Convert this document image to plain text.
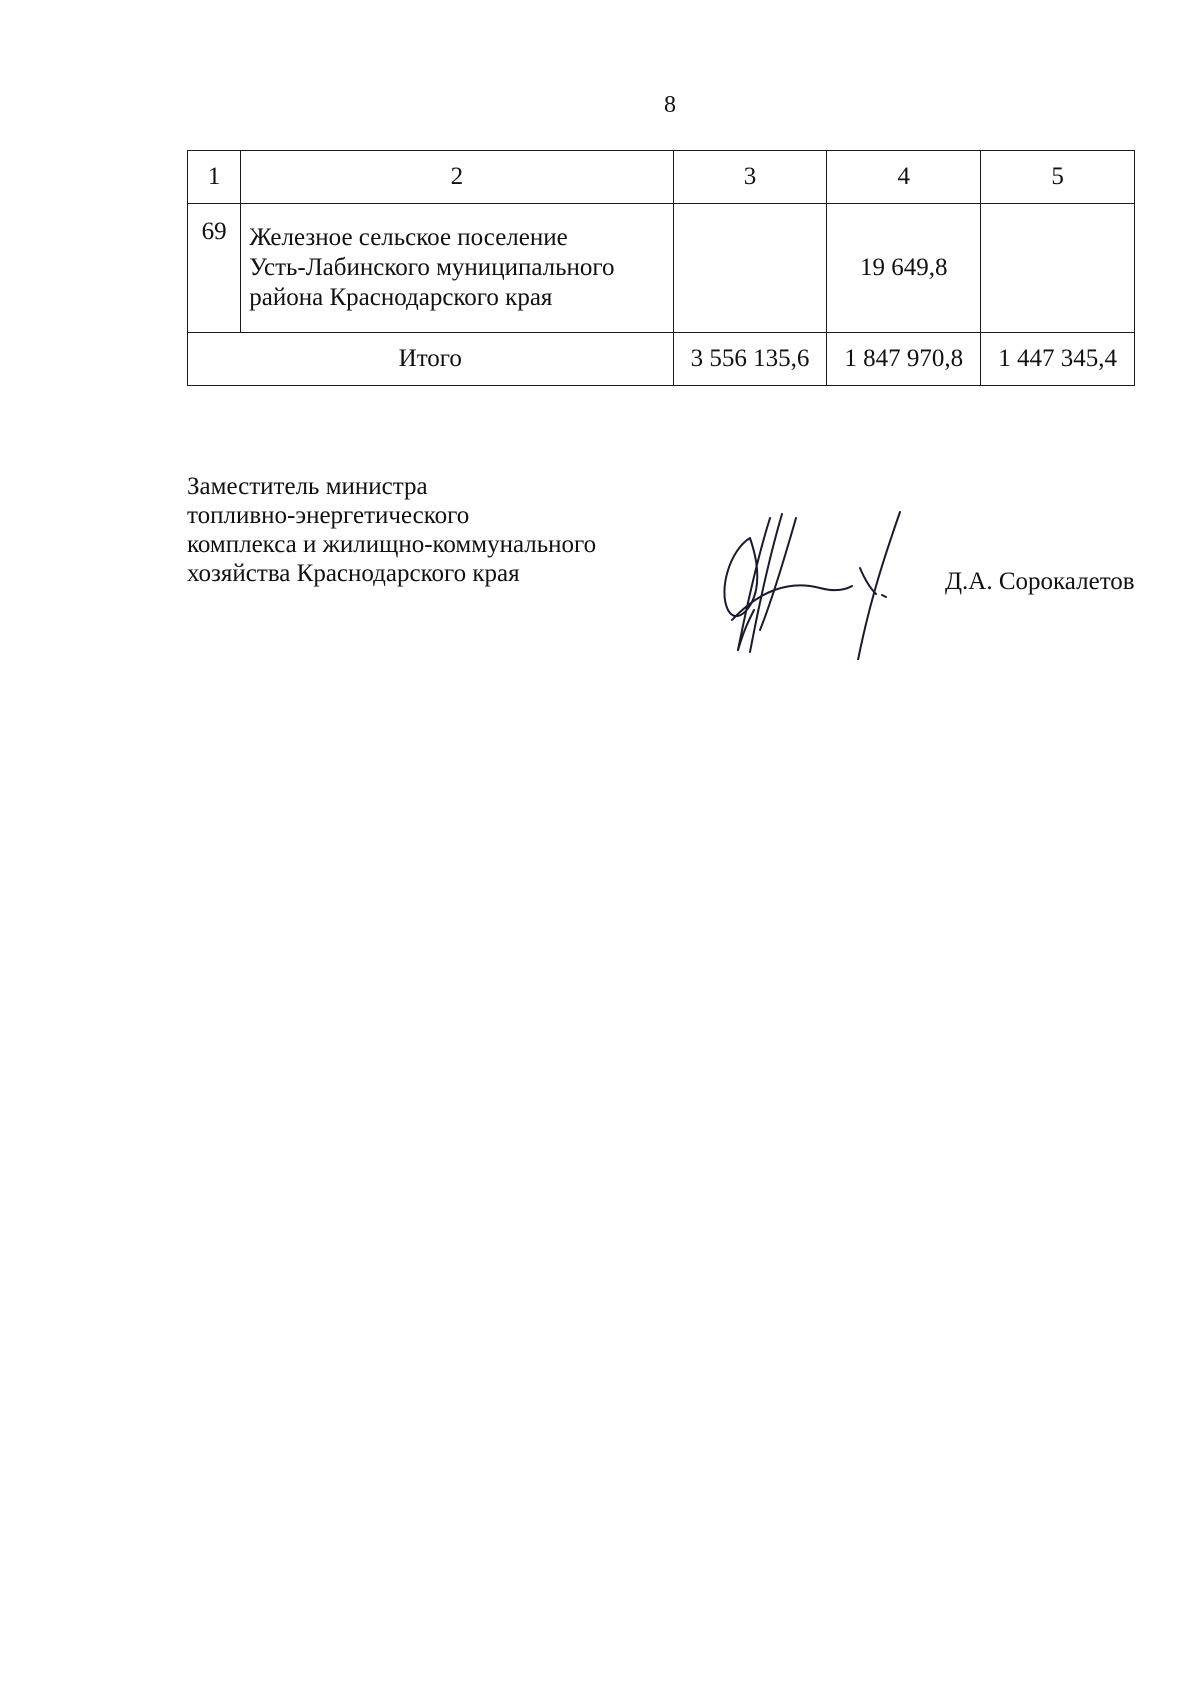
8
1	2	3	4	5
69	Железное сельское поселение
Усть-Лабинского муниципального
района Краснодарского края		19 649,8	
Итого		3 556 135,6	1 847 970,8	1 447 345,4
Заместитель министра
топливно-энергетического
комплекса и жилищно-коммунального
хозяйства Краснодарского края	Д.А. Сорокалетов
